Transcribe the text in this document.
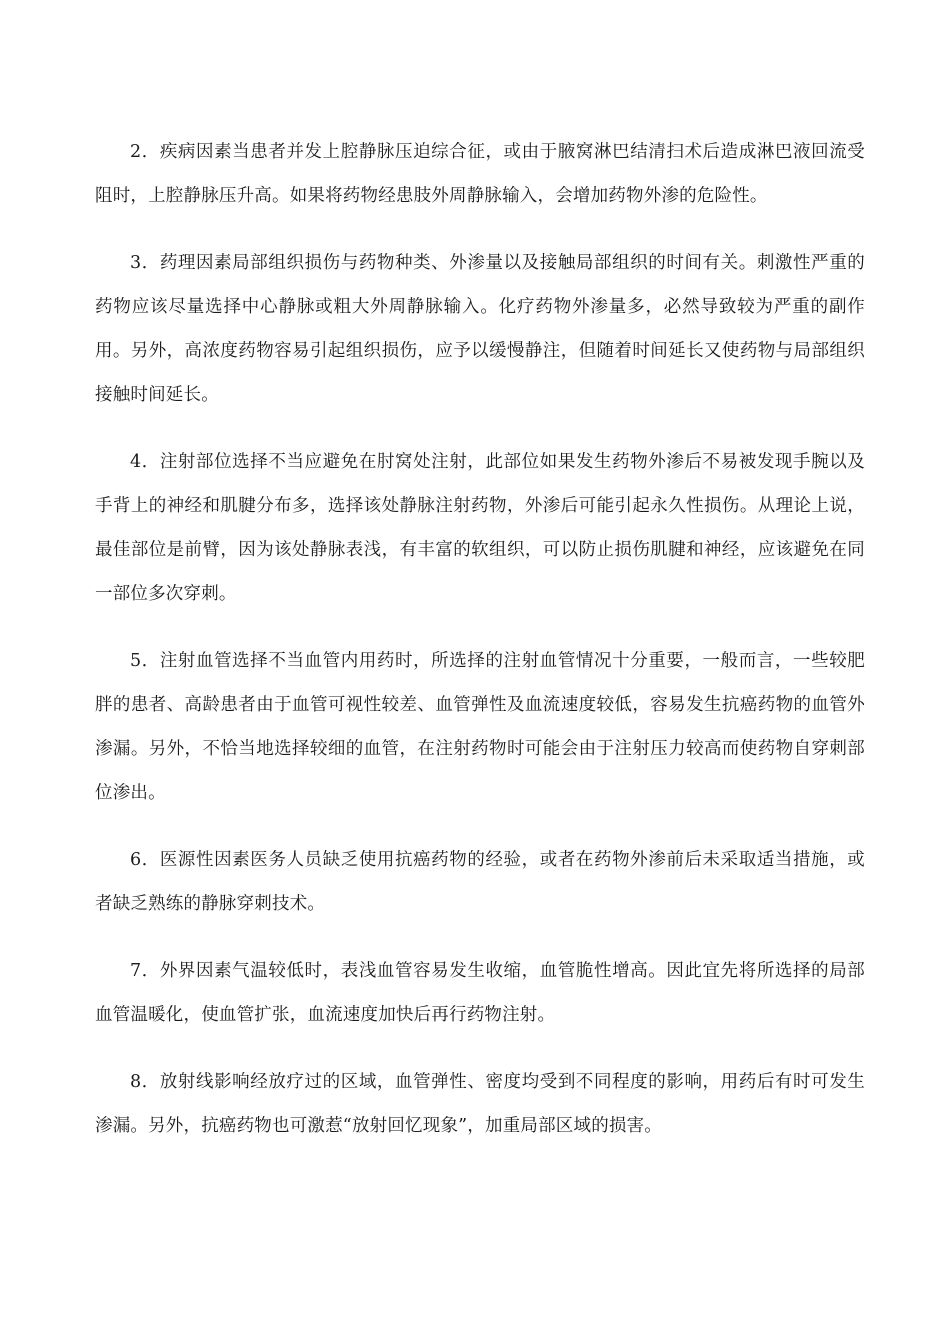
2．疾病因素当患者并发上腔静脉压迫综合征，或由于腋窝淋巴结清扫术后造成淋巴液回流受阻时，上腔静脉压升高。如果将药物经患肢外周静脉输入，会增加药物外渗的危险性。

3．药理因素局部组织损伤与药物种类、外渗量以及接触局部组织的时间有关。刺激性严重的药物应该尽量选择中心静脉或粗大外周静脉输入。化疗药物外渗量多，必然导致较为严重的副作用。另外，高浓度药物容易引起组织损伤，应予以缓慢静注，但随着时间延长又使药物与局部组织接触时间延长。

4．注射部位选择不当应避免在肘窝处注射，此部位如果发生药物外渗后不易被发现手腕以及手背上的神经和肌腱分布多，选择该处静脉注射药物，外渗后可能引起永久性损伤。从理论上说，最佳部位是前臂，因为该处静脉表浅，有丰富的软组织，可以防止损伤肌腱和神经，应该避免在同一部位多次穿刺。

5．注射血管选择不当血管内用药时，所选择的注射血管情况十分重要，一般而言，一些较肥胖的患者、高龄患者由于血管可视性较差、血管弹性及血流速度较低，容易发生抗癌药物的血管外渗漏。另外，不恰当地选择较细的血管，在注射药物时可能会由于注射压力较高而使药物自穿刺部位渗出。

6．医源性因素医务人员缺乏使用抗癌药物的经验，或者在药物外渗前后未采取适当措施，或者缺乏熟练的静脉穿刺技术。

7．外界因素气温较低时，表浅血管容易发生收缩，血管脆性增高。因此宜先将所选择的局部血管温暖化，使血管扩张，血流速度加快后再行药物注射。

8．放射线影响经放疗过的区域，血管弹性、密度均受到不同程度的影响，用药后有时可发生渗漏。另外，抗癌药物也可激惹“放射回忆现象”，加重局部区域的损害。
